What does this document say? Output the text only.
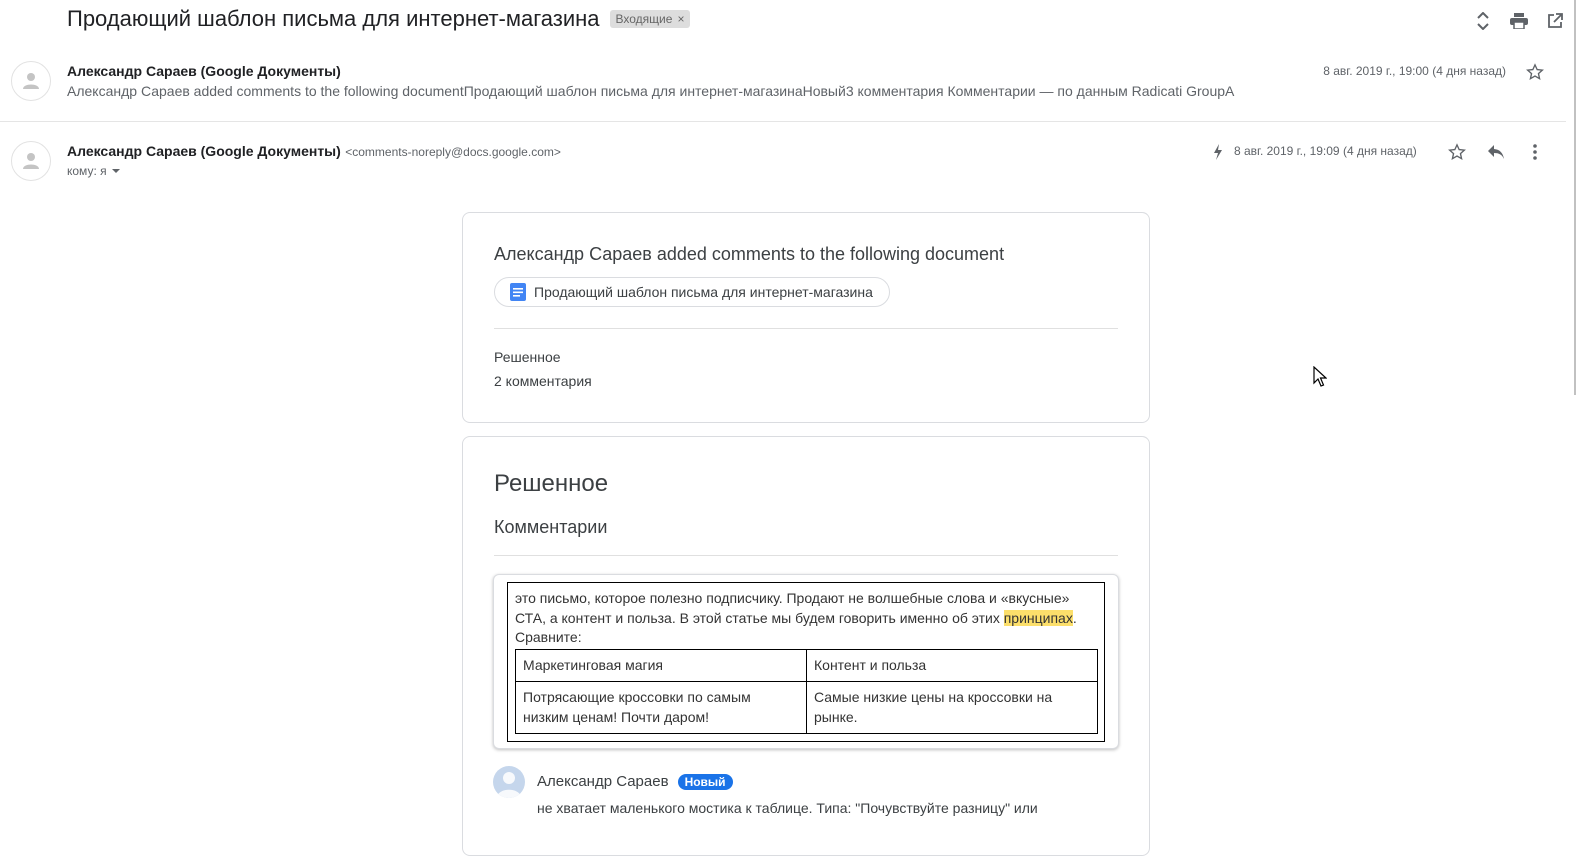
Продающий шаблон письма для интернет-магазина Входящие ×
Александр Сараев (Google Документы)
Александр Сараев added comments to the following documentПродающий шаблон письма для интернет-магазинаНовый3 комментария Комментарии — по данным Radicati GroupA
8 авг. 2019 г., 19:00 (4 дня назад)
Александр Сараев (Google Документы) <comments-noreply@docs.google.com>
кому: я
8 авг. 2019 г., 19:09 (4 дня назад)
Александр Сараев added comments to the following document
Продающий шаблон письма для интернет-магазина
Решенное
2 комментария
Решенное
Комментарии
это письмо, которое полезно подписчику. Продают не волшебные слова и «вкусные» СТА, а контент и польза. В этой статье мы будем говорить именно об этих принципах.
Сравните:
Маркетинговая магия	Контент и польза
Потрясающие кроссовки по самым низким ценам! Почти даром!	Самые низкие цены на кроссовки на рынке.
Александр Сараев	Новый
не хватает маленького мостика к таблице. Типа: "Почувствуйте разницу" или
